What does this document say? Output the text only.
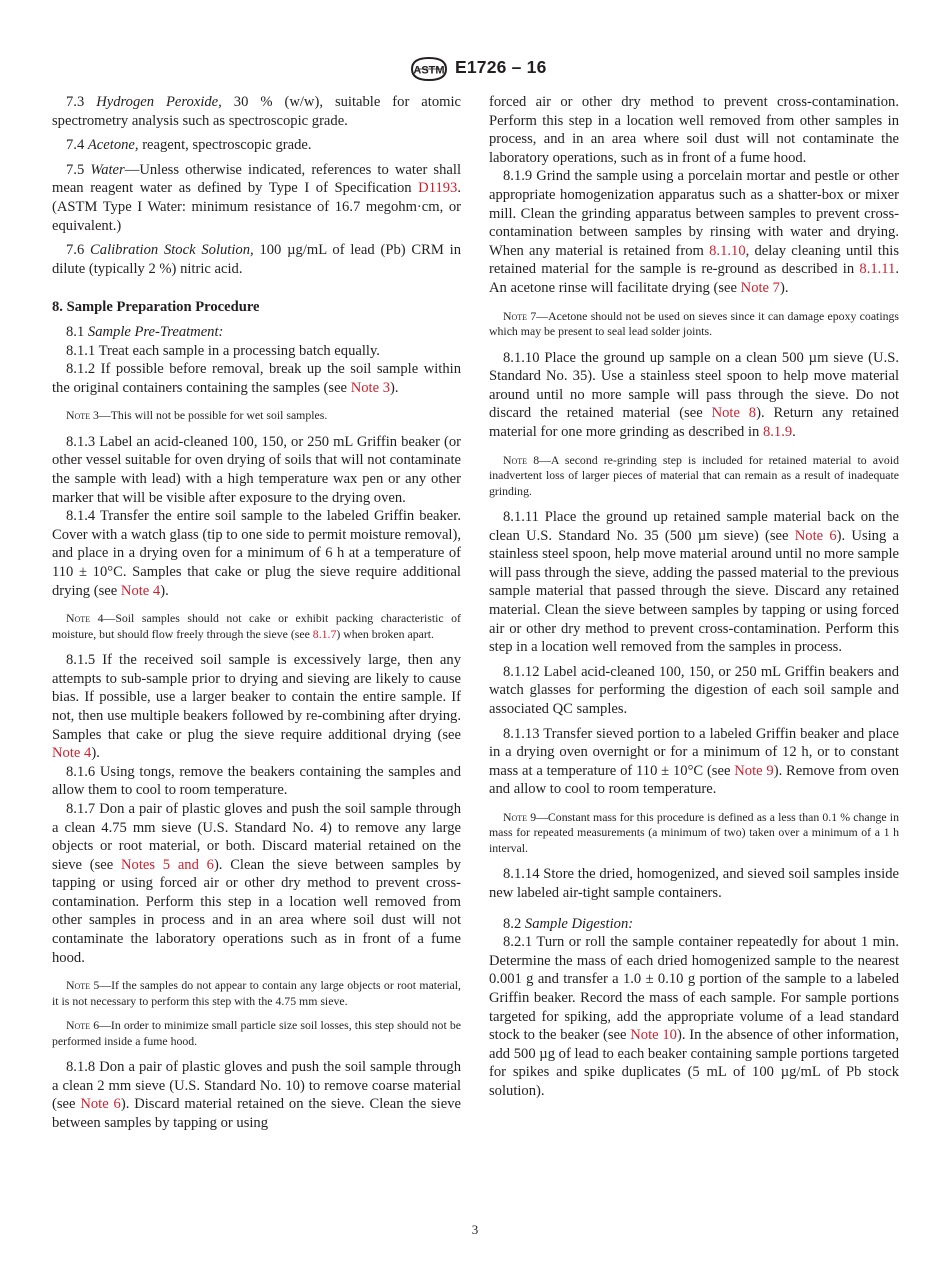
ASTM E1726 – 16

7.3 Hydrogen Peroxide, 30 % (w/w), suitable for atomic spectrometry analysis such as spectroscopic grade.

7.4 Acetone, reagent, spectroscopic grade.

7.5 Water—Unless otherwise indicated, references to water shall mean reagent water as defined by Type I of Specification D1193. (ASTM Type I Water: minimum resistance of 16.7 megohm·cm, or equivalent.)

7.6 Calibration Stock Solution, 100 µg/mL of lead (Pb) CRM in dilute (typically 2 %) nitric acid.

8. Sample Preparation Procedure

8.1 Sample Pre-Treatment:

8.1.1 Treat each sample in a processing batch equally.

8.1.2 If possible before removal, break up the soil sample within the original containers containing the samples (see Note 3).

Note 3—This will not be possible for wet soil samples.

8.1.3 Label an acid-cleaned 100, 150, or 250 mL Griffin beaker (or other vessel suitable for oven drying of soils that will not contaminate the sample with lead) with a high temperature wax pen or any other marker that will be visible after exposure to the drying oven.

8.1.4 Transfer the entire soil sample to the labeled Griffin beaker. Cover with a watch glass (tip to one side to permit moisture removal), and place in a drying oven for a minimum of 6 h at a temperature of 110 ± 10°C. Samples that cake or plug the sieve require additional drying (see Note 4).

Note 4—Soil samples should not cake or exhibit packing characteristic of moisture, but should flow freely through the sieve (see 8.1.7) when broken apart.

8.1.5 If the received soil sample is excessively large, then any attempts to sub-sample prior to drying and sieving are likely to cause bias. If possible, use a larger beaker to contain the entire sample. If not, then use multiple beakers followed by re-combining after drying. Samples that cake or plug the sieve require additional drying (see Note 4).

8.1.6 Using tongs, remove the beakers containing the samples and allow them to cool to room temperature.

8.1.7 Don a pair of plastic gloves and push the soil sample through a clean 4.75 mm sieve (U.S. Standard No. 4) to remove any large objects or root material, or both. Discard material retained on the sieve (see Notes 5 and 6). Clean the sieve between samples by tapping or using forced air or other dry method to prevent cross-contamination. Perform this step in a location well removed from other samples in process and in an area where soil dust will not contaminate the laboratory operations such as in front of a fume hood.

Note 5—If the samples do not appear to contain any large objects or root material, it is not necessary to perform this step with the 4.75 mm sieve.

Note 6—In order to minimize small particle size soil losses, this step should not be performed inside a fume hood.

8.1.8 Don a pair of plastic gloves and push the soil sample through a clean 2 mm sieve (U.S. Standard No. 10) to remove coarse material (see Note 6). Discard material retained on the sieve. Clean the sieve between samples by tapping or using

forced air or other dry method to prevent cross-contamination. Perform this step in a location well removed from other samples in process, and in an area where soil dust will not contaminate the laboratory operations, such as in front of a fume hood.

8.1.9 Grind the sample using a porcelain mortar and pestle or other appropriate homogenization apparatus such as a shatter-box or mixer mill. Clean the grinding apparatus between samples to prevent cross-contamination between samples by rinsing with water and drying. When any material is retained from 8.1.10, delay cleaning until this retained material for the sample is re-ground as described in 8.1.11. An acetone rinse will facilitate drying (see Note 7).

Note 7—Acetone should not be used on sieves since it can damage epoxy coatings which may be present to seal lead solder joints.

8.1.10 Place the ground up sample on a clean 500 µm sieve (U.S. Standard No. 35). Use a stainless steel spoon to help move material around until no more sample will pass through the sieve. Do not discard the retained material (see Note 8). Return any retained material for one more grinding as described in 8.1.9.

Note 8—A second re-grinding step is included for retained material to avoid inadvertent loss of larger pieces of material that can remain as a result of inadequate grinding.

8.1.11 Place the ground up retained sample material back on the clean U.S. Standard No. 35 (500 µm sieve) (see Note 6). Using a stainless steel spoon, help move material around until no more sample will pass through the sieve, adding the passed material to the previous sample material that passed through the sieve. Discard any retained material. Clean the sieve between samples by tapping or using forced air or other dry method to prevent cross-contamination. Perform this step in a location well removed from the samples in process.

8.1.12 Label acid-cleaned 100, 150, or 250 mL Griffin beakers and watch glasses for performing the digestion of each soil sample and associated QC samples.

8.1.13 Transfer sieved portion to a labeled Griffin beaker and place in a drying oven overnight or for a minimum of 12 h, or to constant mass at a temperature of 110 ± 10°C (see Note 9). Remove from oven and allow to cool to room temperature.

Note 9—Constant mass for this procedure is defined as a less than 0.1 % change in mass for repeated measurements (a minimum of two) taken over a minimum of a 1 h interval.

8.1.14 Store the dried, homogenized, and sieved soil samples inside new labeled air-tight sample containers.

8.2 Sample Digestion:

8.2.1 Turn or roll the sample container repeatedly for about 1 min. Determine the mass of each dried homogenized sample to the nearest 0.001 g and transfer a 1.0 ± 0.10 g portion of the sample to a labeled Griffin beaker. Record the mass of each sample. For sample portions targeted for spiking, add the appropriate volume of a lead standard stock to the beaker (see Note 10). In the absence of other information, add 500 µg of lead to each beaker containing sample portions targeted for spikes and spike duplicates (5 mL of 100 µg/mL of Pb stock solution).

3
